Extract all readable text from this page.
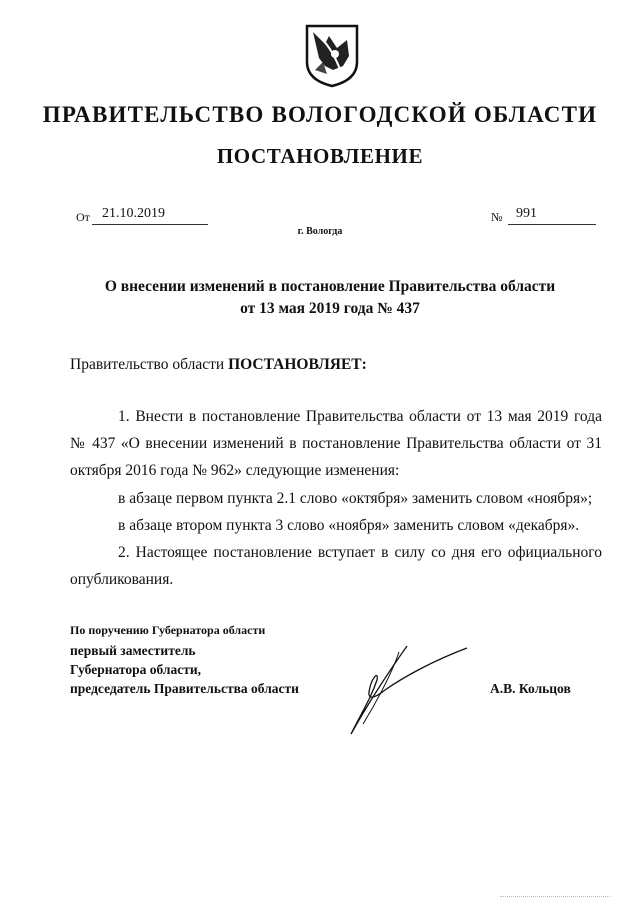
ПРАВИТЕЛЬСТВО ВОЛОГОДСКОЙ ОБЛАСТИ
ПОСТАНОВЛЕНИЕ
От 21.10.2019	№ 991
г. Вологда
О внесении изменений в постановление Правительства области
от 13 мая 2019 года № 437
Правительство области ПОСТАНОВЛЯЕТ:
1. Внести в постановление Правительства области от 13 мая 2019 года № 437 «О внесении изменений в постановление Правительства области от 31 октября 2016 года № 962» следующие изменения:
в абзаце первом пункта 2.1 слово «октября» заменить словом «ноября»;
в абзаце втором пункта 3 слово «ноября» заменить словом «декабря».
2. Настоящее постановление вступает в силу со дня его официального опубликования.
По поручению Губернатора области
первый заместитель
Губернатора области,
председатель Правительства области	А.В. Кольцов
